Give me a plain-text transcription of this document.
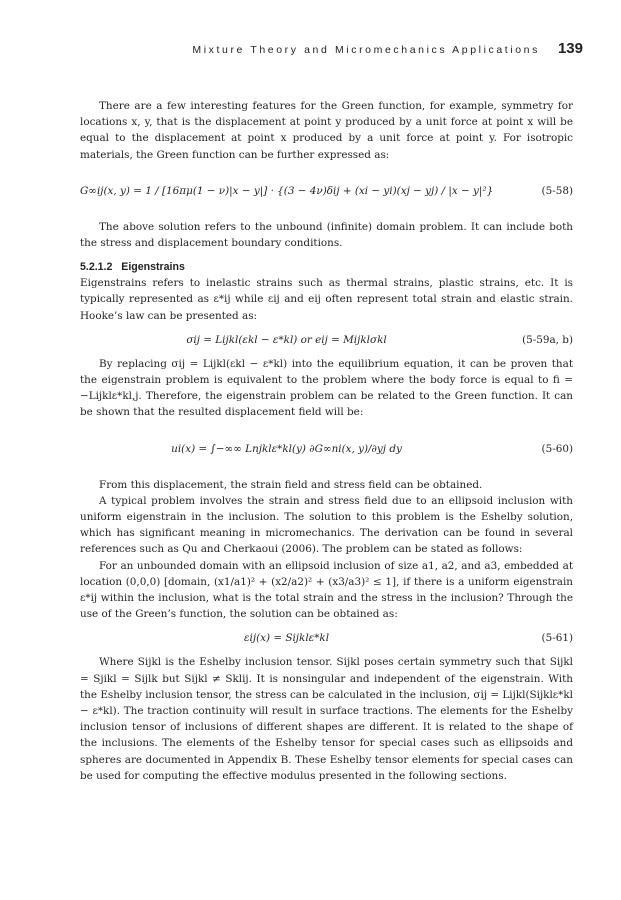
Mixture Theory and Micromechanics Applications 139

There are a few interesting features for the Green function, for example, symmetry for locations x, y, that is the displacement at point y produced by a unit force at point x will be equal to the displacement at point x produced by a unit force at point y. For isotropic materials, the Green function can be further expressed as:

G∞ij(x, y) = 1 / [16πμ(1 − ν)|x − y|] · {(3 − 4ν)δij + (xi − yi)(xj − yj) / |x − y|²}	(5-58)

The above solution refers to the unbound (infinite) domain problem. It can include both the stress and displacement boundary conditions.

5.2.1.2 Eigenstrains

Eigenstrains refers to inelastic strains such as thermal strains, plastic strains, etc. It is typically represented as ε*ij while εij and eij often represent total strain and elastic strain. Hooke’s law can be presented as:

σij = Lijkl(εkl − ε*kl) or eij = Mijklσkl	(5-59a, b)

By replacing σij = Lijkl(εkl − ε*kl) into the equilibrium equation, it can be proven that the eigenstrain problem is equivalent to the problem where the body force is equal to fi = −Lijklε*kl,j. Therefore, the eigenstrain problem can be related to the Green function. It can be shown that the resulted displacement field will be:

ui(x) = ∫−∞∞ Lnjklε*kl(y) ∂G∞ni(x, y)/∂yj dy	(5-60)

From this displacement, the strain field and stress field can be obtained.

A typical problem involves the strain and stress field due to an ellipsoid inclusion with uniform eigenstrain in the inclusion. The solution to this problem is the Eshelby solution, which has significant meaning in micromechanics. The derivation can be found in several references such as Qu and Cherkaoui (2006). The problem can be stated as follows:

For an unbounded domain with an ellipsoid inclusion of size a1, a2, and a3, embedded at location (0,0,0) [domain, (x1/a1)² + (x2/a2)² + (x3/a3)² ≤ 1], if there is a uniform eigenstrain ε*ij within the inclusion, what is the total strain and the stress in the inclusion? Through the use of the Green’s function, the solution can be obtained as:

εij(x) = Sijklε*kl	(5-61)

Where Sijkl is the Eshelby inclusion tensor. Sijkl poses certain symmetry such that Sijkl = Sjikl = Sijlk but Sijkl ≠ Sklij. It is nonsingular and independent of the eigenstrain. With the Eshelby inclusion tensor, the stress can be calculated in the inclusion, σij = Lijkl(Sijklε*kl − ε*kl). The traction continuity will result in surface tractions. The elements for the Eshelby inclusion tensor of inclusions of different shapes are different. It is related to the shape of the inclusions. The elements of the Eshelby tensor for special cases such as ellipsoids and spheres are documented in Appendix B. These Eshelby tensor elements for special cases can be used for computing the effective modulus presented in the following sections.
